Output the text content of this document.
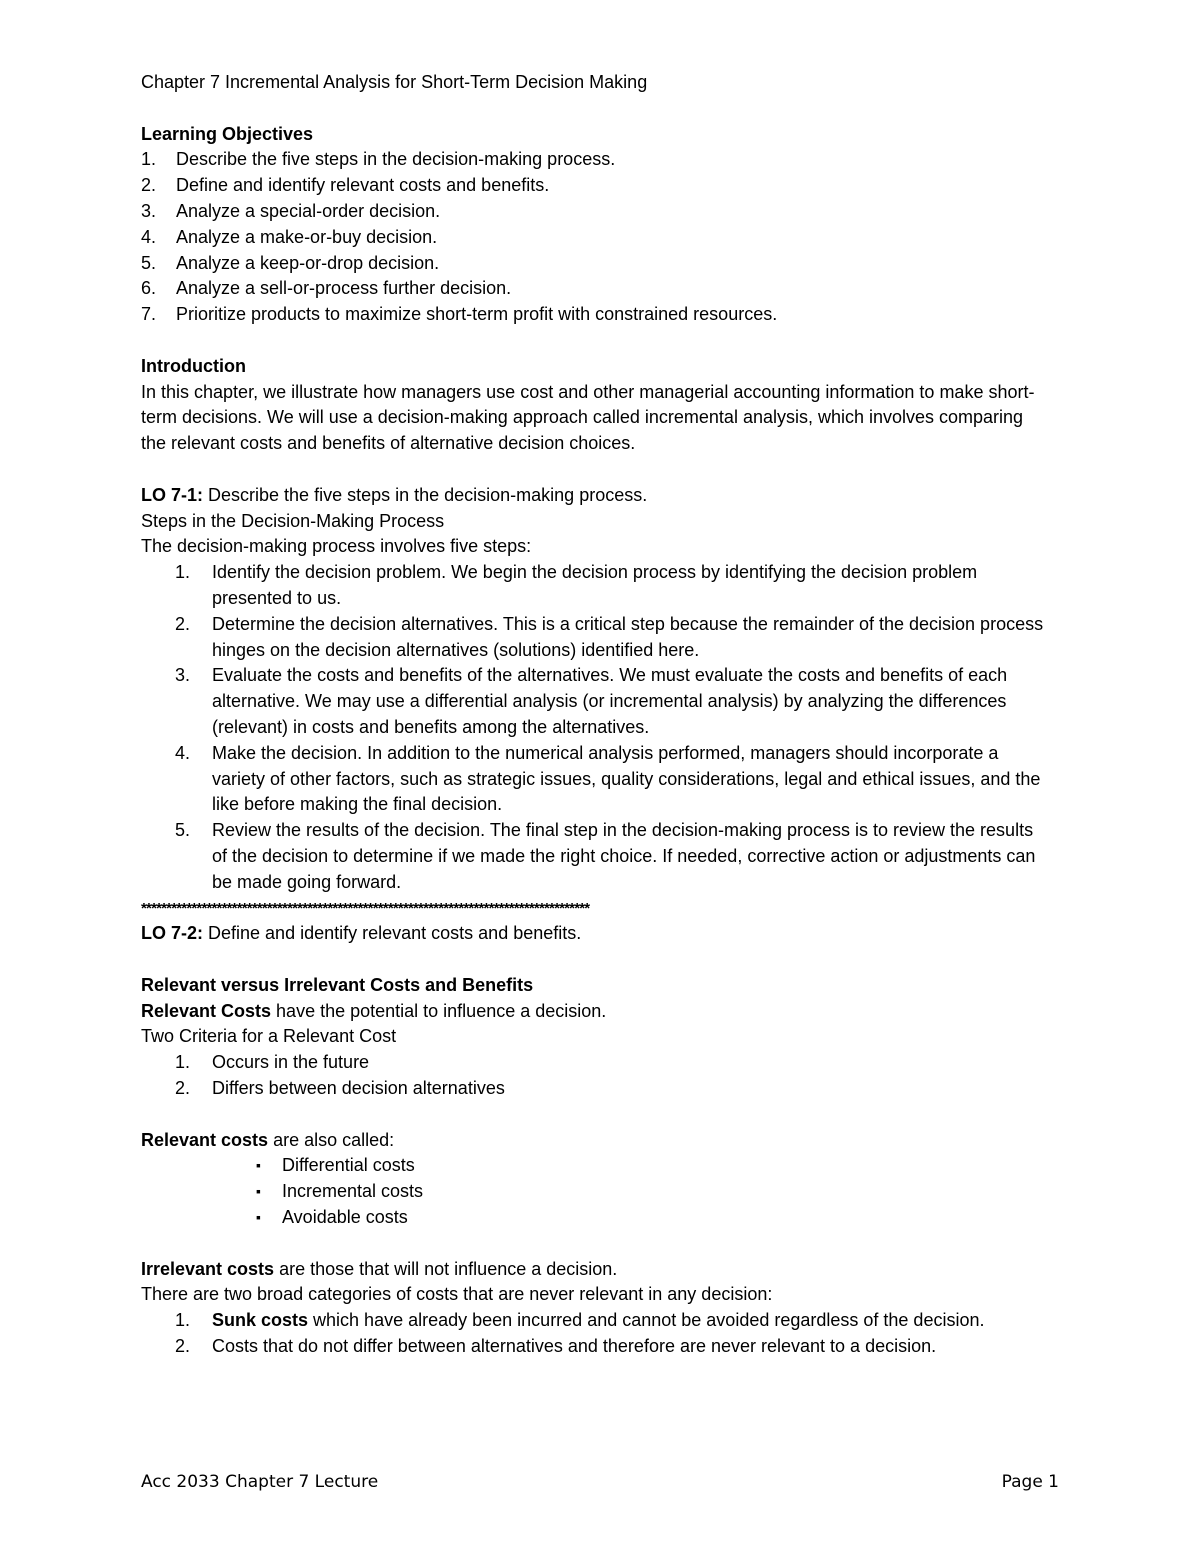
Chapter 7 Incremental Analysis for Short-Term Decision Making
Learning Objectives
1. Describe the five steps in the decision-making process.
2. Define and identify relevant costs and benefits.
3. Analyze a special-order decision.
4. Analyze a make-or-buy decision.
5. Analyze a keep-or-drop decision.
6. Analyze a sell-or-process further decision.
7. Prioritize products to maximize short-term profit with constrained resources.
Introduction
In this chapter, we illustrate how managers use cost and other managerial accounting information to make short-
term decisions. We will use a decision-making approach called incremental analysis, which involves comparing
the relevant costs and benefits of alternative decision choices.
LO 7-1: Describe the five steps in the decision-making process.
Steps in the Decision-Making Process
The decision-making process involves five steps:
1. Identify the decision problem. We begin the decision process by identifying the decision problem
presented to us.
2. Determine the decision alternatives. This is a critical step because the remainder of the decision process
hinges on the decision alternatives (solutions) identified here.
3. Evaluate the costs and benefits of the alternatives. We must evaluate the costs and benefits of each
alternative. We may use a differential analysis (or incremental analysis) by analyzing the differences
(relevant) in costs and benefits among the alternatives.
4. Make the decision. In addition to the numerical analysis performed, managers should incorporate a
variety of other factors, such as strategic issues, quality considerations, legal and ethical issues, and the
like before making the final decision.
5. Review the results of the decision. The final step in the decision-making process is to review the results
of the decision to determine if we made the right choice. If needed, corrective action or adjustments can
be made going forward.
*****************************************************************************************
LO 7-2: Define and identify relevant costs and benefits.
Relevant versus Irrelevant Costs and Benefits
Relevant Costs have the potential to influence a decision.
Two Criteria for a Relevant Cost
1. Occurs in the future
2. Differs between decision alternatives
Relevant costs are also called:
▪ Differential costs
▪ Incremental costs
▪ Avoidable costs
Irrelevant costs are those that will not influence a decision.
There are two broad categories of costs that are never relevant in any decision:
1. Sunk costs which have already been incurred and cannot be avoided regardless of the decision.
2. Costs that do not differ between alternatives and therefore are never relevant to a decision.
Acc 2033 Chapter 7 Lecture	Page 1
